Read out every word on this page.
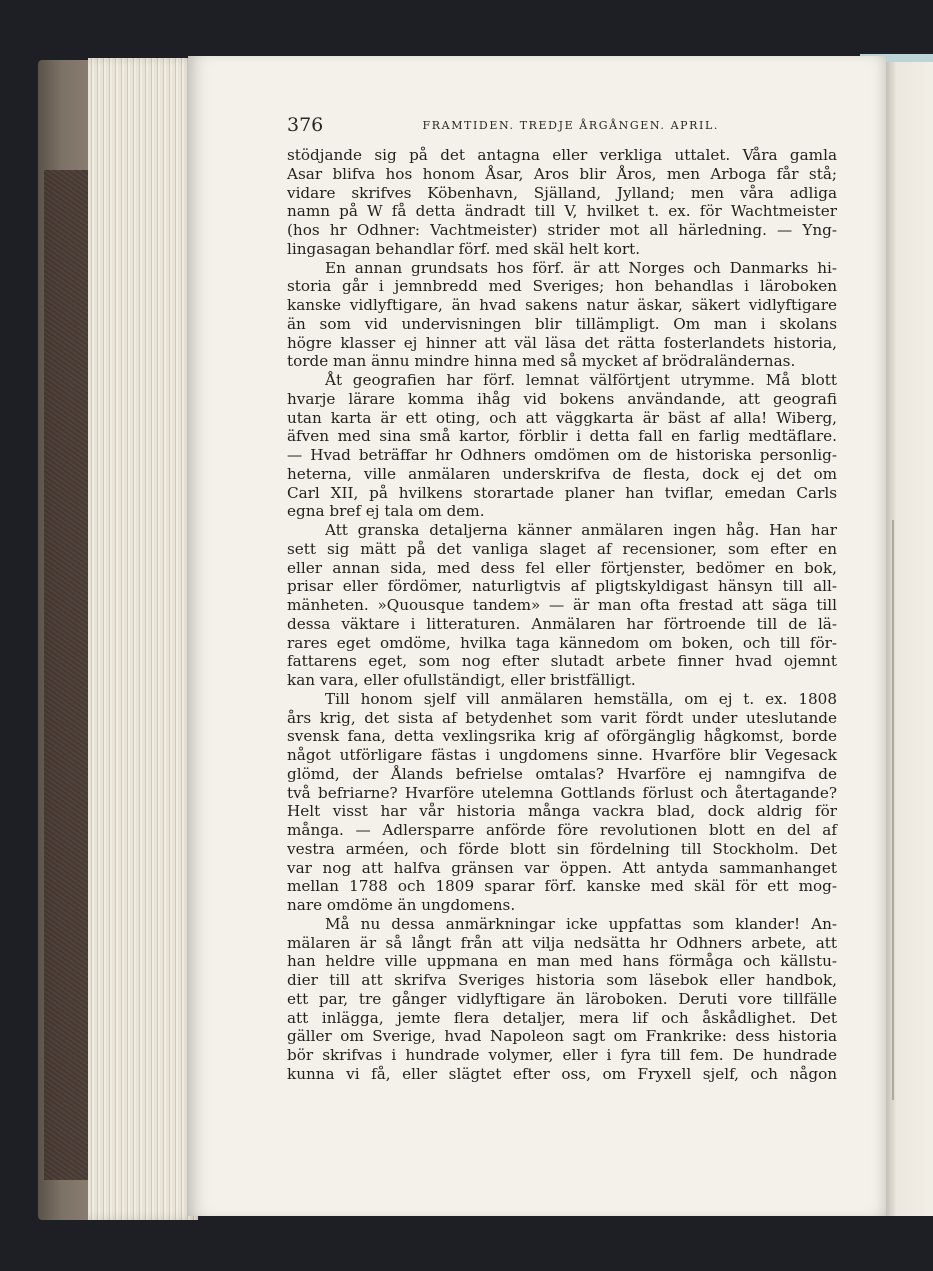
376	FRAMTIDEN. TREDJE ÅRGÅNGEN. APRIL.
stödjande sig på det antagna eller verkliga uttalet. Våra gamla
Asar blifva hos honom Åsar, Aros blir Åros, men Arboga får stå;
vidare skrifves Köbenhavn, Själland, Jylland; men våra adliga
namn på W få detta ändradt till V, hvilket t. ex. för Wachtmeister
(hos hr Odhner: Vachtmeister) strider mot all härledning. — Yng-
lingasagan behandlar förf. med skäl helt kort.
En annan grundsats hos förf. är att Norges och Danmarks hi-
storia går i jemnbredd med Sveriges; hon behandlas i läroboken
kanske vidlyftigare, än hvad sakens natur äskar, säkert vidlyftigare
än som vid undervisningen blir tillämpligt. Om man i skolans
högre klasser ej hinner att väl läsa det rätta fosterlandets historia,
torde man ännu mindre hinna med så mycket af brödraländernas.
Åt geografien har förf. lemnat välförtjent utrymme. Må blott
hvarje lärare komma ihåg vid bokens användande, att geografi
utan karta är ett oting, och att väggkarta är bäst af alla! Wiberg,
äfven med sina små kartor, förblir i detta fall en farlig medtäflare.
— Hvad beträffar hr Odhners omdömen om de historiska personlig-
heterna, ville anmälaren underskrifva de flesta, dock ej det om
Carl XII, på hvilkens storartade planer han tviflar, emedan Carls
egna bref ej tala om dem.
Att granska detaljerna känner anmälaren ingen håg. Han har
sett sig mätt på det vanliga slaget af recensioner, som efter en
eller annan sida, med dess fel eller förtjenster, bedömer en bok,
prisar eller fördömer, naturligtvis af pligtskyldigast hänsyn till all-
mänheten. »Quousque tandem» — är man ofta frestad att säga till
dessa väktare i litteraturen. Anmälaren har förtroende till de lä-
rares eget omdöme, hvilka taga kännedom om boken, och till för-
fattarens eget, som nog efter slutadt arbete finner hvad ojemnt
kan vara, eller ofullständigt, eller bristfälligt.
Till honom sjelf vill anmälaren hemställa, om ej t. ex. 1808
års krig, det sista af betydenhet som varit fördt under uteslutande
svensk fana, detta vexlingsrika krig af oförgänglig hågkomst, borde
något utförligare fästas i ungdomens sinne. Hvarföre blir Vegesack
glömd, der Ålands befrielse omtalas? Hvarföre ej namngifva de
två befriarne? Hvarföre utelemna Gottlands förlust och återtagande?
Helt visst har vår historia många vackra blad, dock aldrig för
många. — Adlersparre anförde före revolutionen blott en del af
vestra arméen, och förde blott sin fördelning till Stockholm. Det
var nog att halfva gränsen var öppen. Att antyda sammanhanget
mellan 1788 och 1809 sparar förf. kanske med skäl för ett mog-
nare omdöme än ungdomens.
Må nu dessa anmärkningar icke uppfattas som klander! An-
mälaren är så långt från att vilja nedsätta hr Odhners arbete, att
han heldre ville uppmana en man med hans förmåga och källstu-
dier till att skrifva Sveriges historia som läsebok eller handbok,
ett par, tre gånger vidlyftigare än läroboken. Deruti vore tillfälle
att inlägga, jemte flera detaljer, mera lif och åskådlighet. Det
gäller om Sverige, hvad Napoleon sagt om Frankrike: dess historia
bör skrifvas i hundrade volymer, eller i fyra till fem. De hundrade
kunna vi få, eller slägtet efter oss, om Fryxell sjelf, och någon
